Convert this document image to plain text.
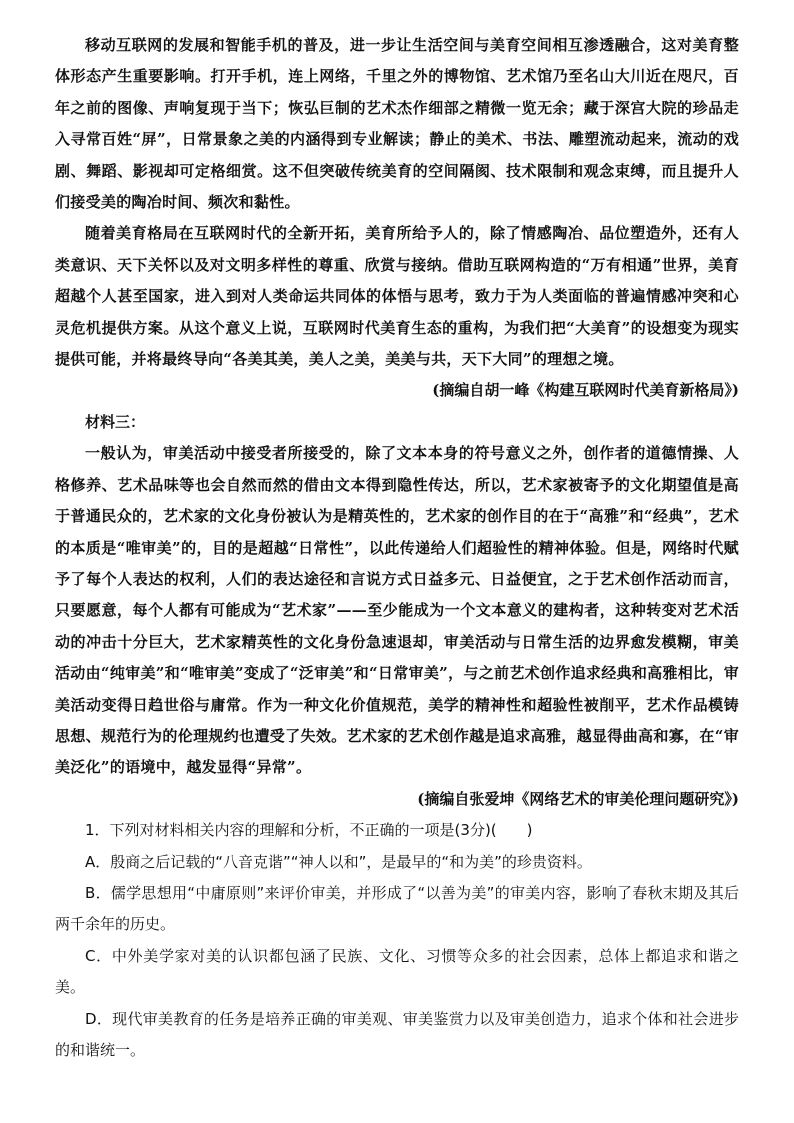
移动互联网的发展和智能手机的普及，进一步让生活空间与美育空间相互渗透融合，这对美育整体形态产生重要影响。打开手机，连上网络，千里之外的博物馆、艺术馆乃至名山大川近在咫尺，百年之前的图像、声响复现于当下；恢弘巨制的艺术杰作细部之精微一览无余；藏于深宫大院的珍品走入寻常百姓“屏”，日常景象之美的内涵得到专业解读；静止的美术、书法、雕塑流动起来，流动的戏剧、舞蹈、影视却可定格细赏。这不但突破传统美育的空间隔阂、技术限制和观念束缚，而且提升人们接受美的陶冶时间、频次和黏性。

随着美育格局在互联网时代的全新开拓，美育所给予人的，除了情感陶冶、品位塑造外，还有人类意识、天下关怀以及对文明多样性的尊重、欣赏与接纳。借助互联网构造的“万有相通”世界，美育超越个人甚至国家，进入到对人类命运共同体的体悟与思考，致力于为人类面临的普遍情感冲突和心灵危机提供方案。从这个意义上说，互联网时代美育生态的重构，为我们把“大美育”的设想变为现实提供可能，并将最终导向“各美其美，美人之美，美美与共，天下大同”的理想之境。

(摘编自胡一峰《构建互联网时代美育新格局》)

材料三：

一般认为，审美活动中接受者所接受的，除了文本本身的符号意义之外，创作者的道德情操、人格修养、艺术品味等也会自然而然的借由文本得到隐性传达，所以，艺术家被寄予的文化期望值是高于普通民众的，艺术家的文化身份被认为是精英性的，艺术家的创作目的在于“高雅”和“经典”，艺术的本质是“唯审美”的，目的是超越“日常性”，以此传递给人们超验性的精神体验。但是，网络时代赋予了每个人表达的权利，人们的表达途径和言说方式日益多元、日益便宜，之于艺术创作活动而言，只要愿意，每个人都有可能成为“艺术家”——至少能成为一个文本意义的建构者，这种转变对艺术活动的冲击十分巨大，艺术家精英性的文化身份急速退却，审美活动与日常生活的边界愈发模糊，审美活动由“纯审美”和“唯审美”变成了“泛审美”和“日常审美”，与之前艺术创作追求经典和高雅相比，审美活动变得日趋世俗与庸常。作为一种文化价值规范，美学的精神性和超验性被削平，艺术作品模铸思想、规范行为的伦理规约也遭受了失效。艺术家的艺术创作越是追求高雅，越显得曲高和寡，在“审美泛化”的语境中，越发显得“异常”。

(摘编自张爱坤《网络艺术的审美伦理问题研究》)

1．下列对材料相关内容的理解和分析，不正确的一项是(3分)(　　)

A．殷商之后记载的“八音克谐”“神人以和”，是最早的“和为美”的珍贵资料。

B．儒学思想用“中庸原则”来评价审美，并形成了“以善为美”的审美内容，影响了春秋末期及其后两千余年的历史。

C．中外美学家对美的认识都包涵了民族、文化、习惯等众多的社会因素，总体上都追求和谐之美。

D．现代审美教育的任务是培养正确的审美观、审美鉴赏力以及审美创造力，追求个体和社会进步的和谐统一。
